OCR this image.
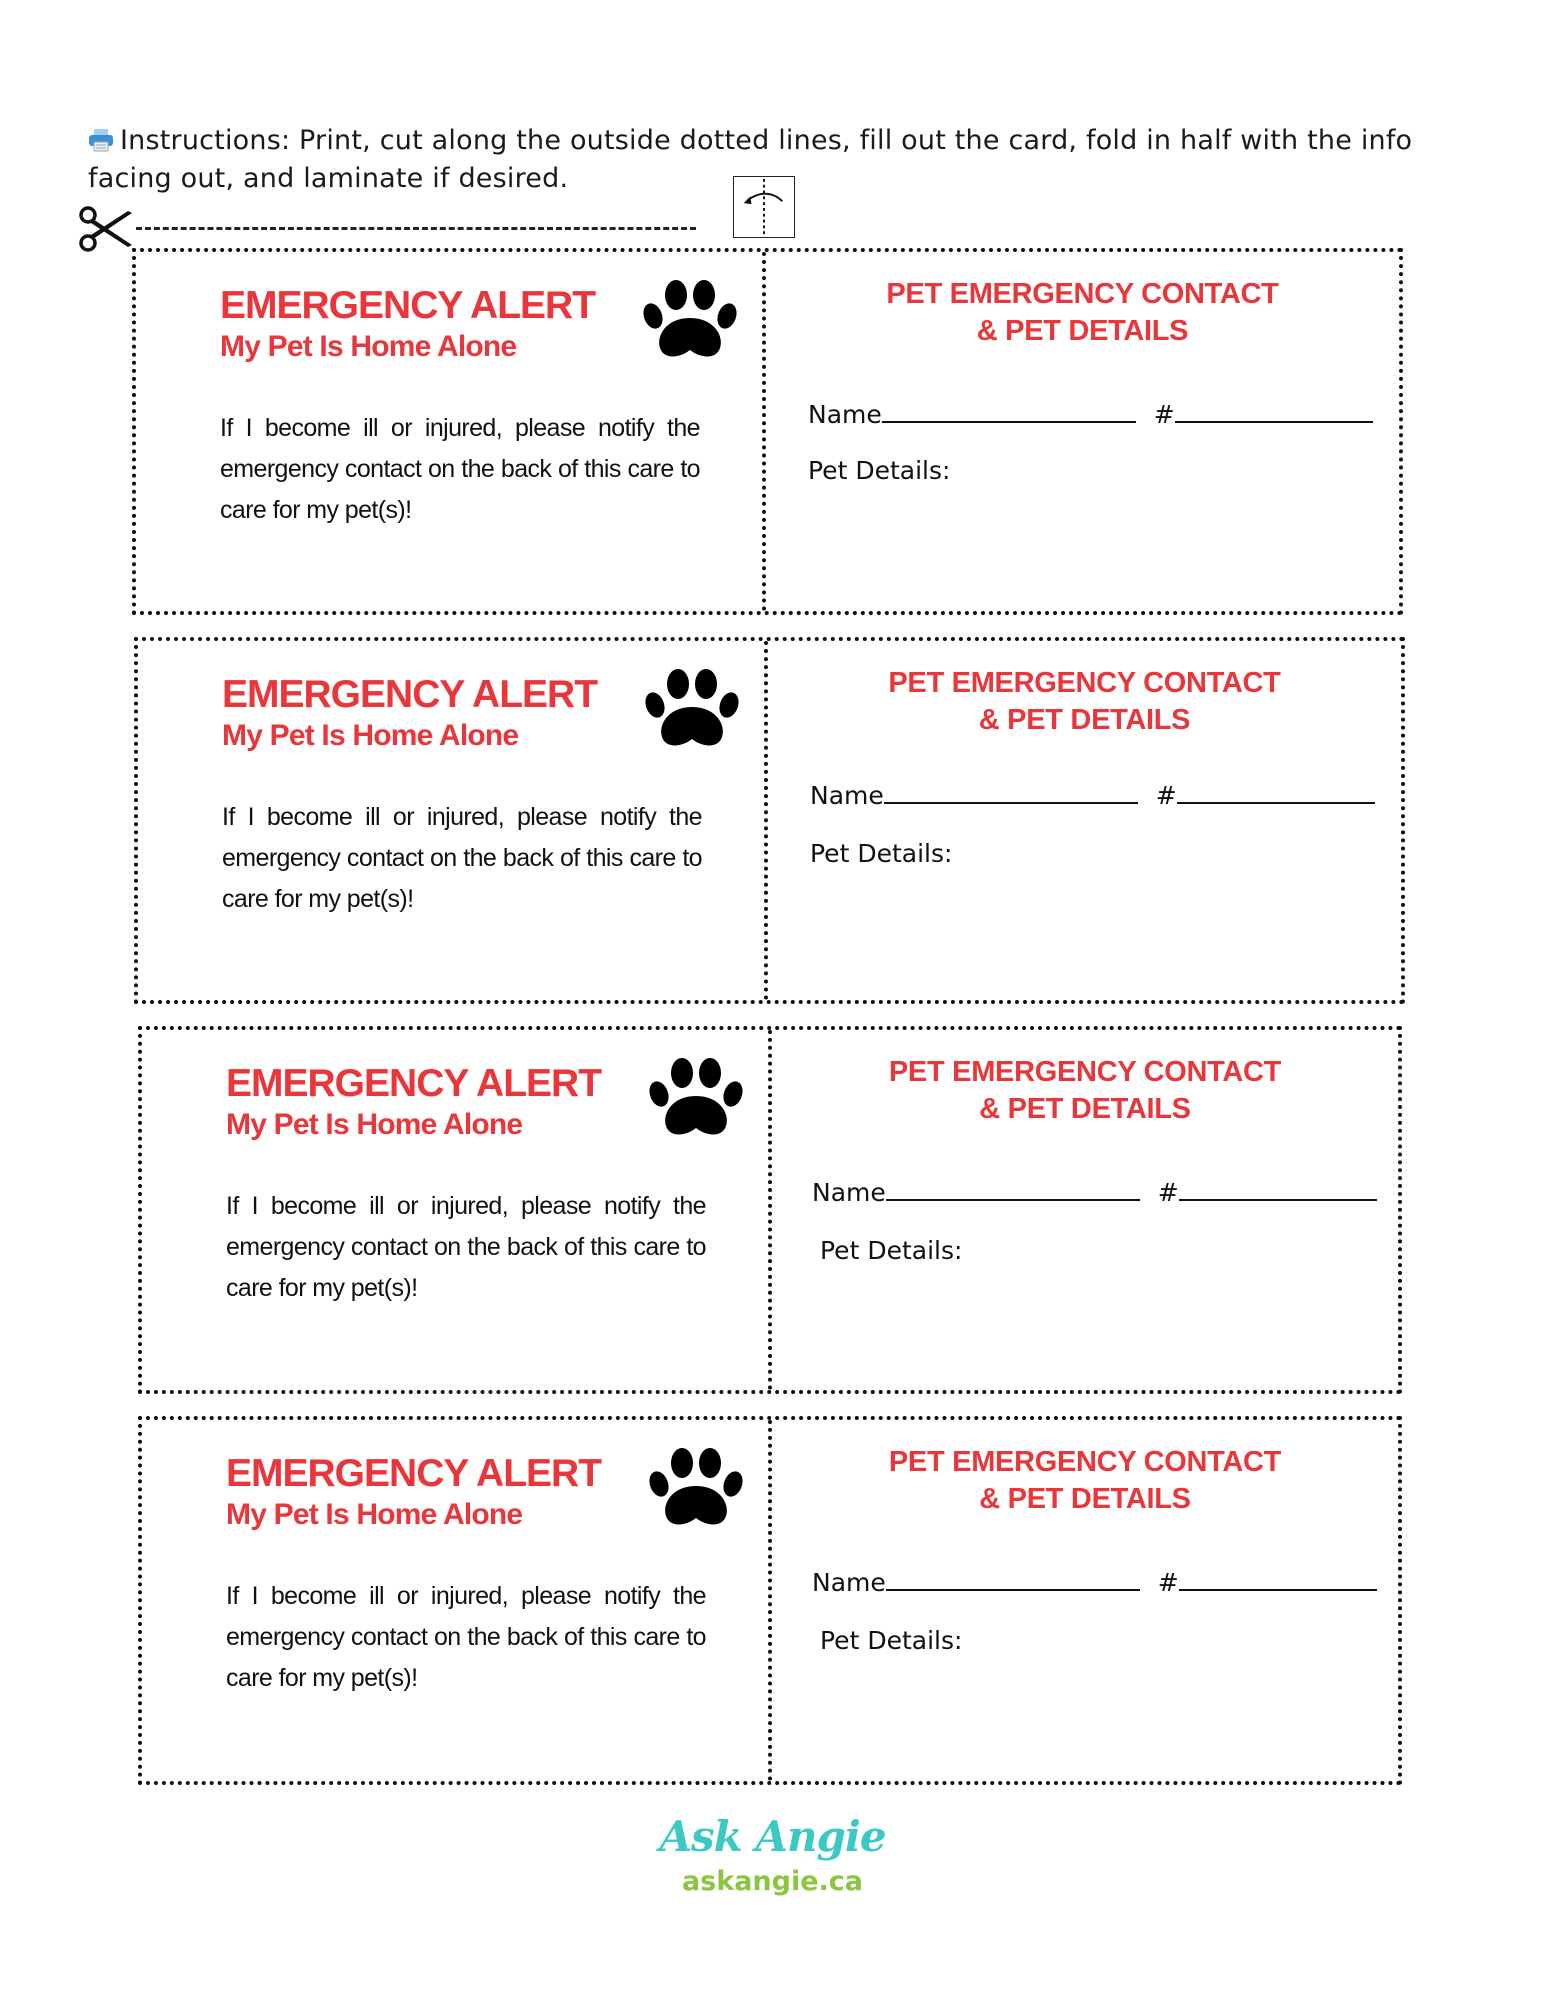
Instructions: Print, cut along the outside dotted lines, fill out the card, fold in half with the info facing out, and laminate if desired.
EMERGENCY ALERT
My Pet Is Home Alone
If I become ill or injured, please notify the emergency contact on the back of this care to care for my pet(s)!
PET EMERGENCY CONTACT
& PET DETAILS
Name	#
Pet Details:
EMERGENCY ALERT
My Pet Is Home Alone
If I become ill or injured, please notify the emergency contact on the back of this care to care for my pet(s)!
PET EMERGENCY CONTACT
& PET DETAILS
Name	#
Pet Details:
EMERGENCY ALERT
My Pet Is Home Alone
If I become ill or injured, please notify the emergency contact on the back of this care to care for my pet(s)!
PET EMERGENCY CONTACT
& PET DETAILS
Name	#
Pet Details:
EMERGENCY ALERT
My Pet Is Home Alone
If I become ill or injured, please notify the emergency contact on the back of this care to care for my pet(s)!
PET EMERGENCY CONTACT
& PET DETAILS
Name	#
Pet Details:
Ask Angie
askangie.ca
